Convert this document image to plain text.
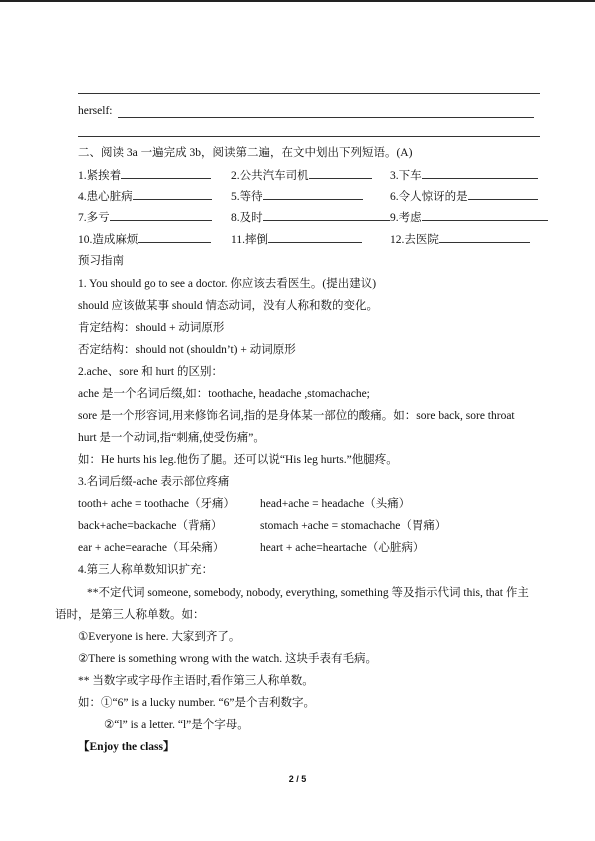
herself:
二、阅读 3a 一遍完成 3b，阅读第二遍，在文中划出下列短语。(A)
1.紧挨着	2.公共汽车司机	3.下车
4.患心脏病	5.等待	6.令人惊讶的是
7.多亏	8.及时	9.考虑
10.造成麻烦	11.摔倒	12.去医院
预习指南
1. You should go to see a doctor. 你应该去看医生。(提出建议)
should 应该做某事 should 情态动词，没有人称和数的变化。
肯定结构：should + 动词原形
否定结构：should not (shouldn’t) + 动词原形
2.ache、sore 和 hurt 的区别：
ache 是一个名词后缀,如：toothache, headache ,stomachache;
sore 是一个形容词,用来修饰名词,指的是身体某一部位的酸痛。如：sore back, sore throat
hurt 是一个动词,指“刺痛,使受伤痛”。
如：He hurts his leg.他伤了腿。还可以说“His leg hurts.”他腿疼。
3.名词后缀-ache 表示部位疼痛
tooth+ ache = toothache（牙痛） head+ache = headache（头痛）
back+ache=backache（背痛）	stomach +ache = stomachache（胃痛）
ear + ache=earache（耳朵痛）	heart + ache=heartache（心脏病）
4.第三人称单数知识扩充：
**不定代词 someone, somebody, nobody, everything, something 等及指示代词 this, that 作主
语时，是第三人称单数。如：
①Everyone is here. 大家到齐了。
②There is something wrong with the watch. 这块手表有毛病。
** 当数字或字母作主语时,看作第三人称单数。
如：①“6” is a lucky number. “6”是个吉利数字。
②“l” is a letter. “l”是个字母。
【Enjoy the class】
2 / 5
